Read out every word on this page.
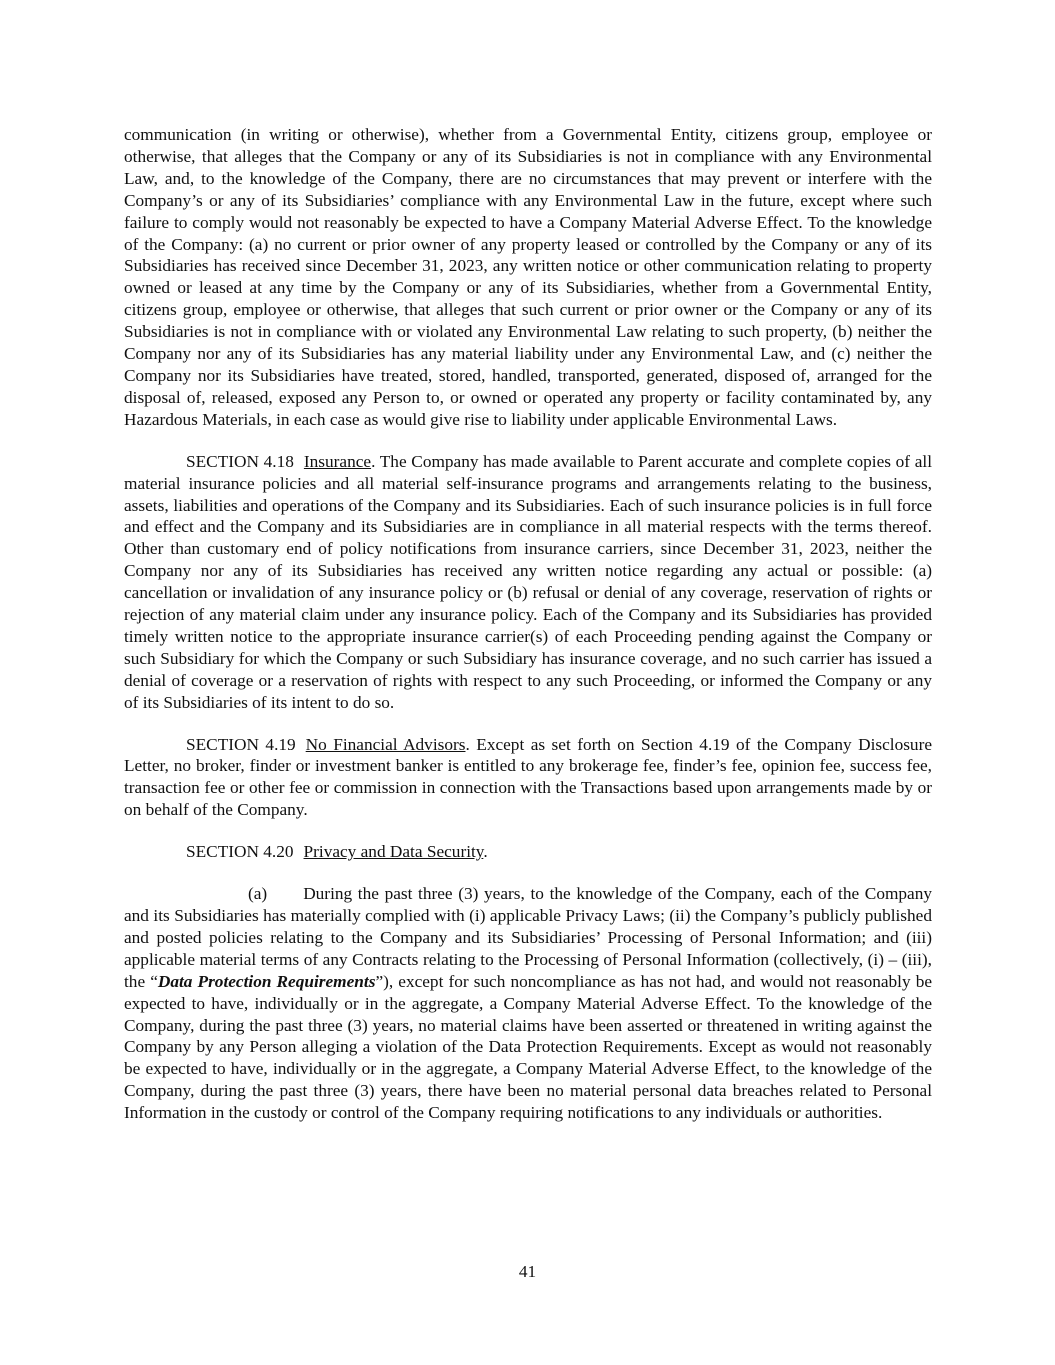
communication (in writing or otherwise), whether from a Governmental Entity, citizens group, employee or otherwise, that alleges that the Company or any of its Subsidiaries is not in compliance with any Environmental Law, and, to the knowledge of the Company, there are no circumstances that may prevent or interfere with the Company’s or any of its Subsidiaries’ compliance with any Environmental Law in the future, except where such failure to comply would not reasonably be expected to have a Company Material Adverse Effect. To the knowledge of the Company: (a) no current or prior owner of any property leased or controlled by the Company or any of its Subsidiaries has received since December 31, 2023, any written notice or other communication relating to property owned or leased at any time by the Company or any of its Subsidiaries, whether from a Governmental Entity, citizens group, employee or otherwise, that alleges that such current or prior owner or the Company or any of its Subsidiaries is not in compliance with or violated any Environmental Law relating to such property, (b) neither the Company nor any of its Subsidiaries has any material liability under any Environmental Law, and (c) neither the Company nor its Subsidiaries have treated, stored, handled, transported, generated, disposed of, arranged for the disposal of, released, exposed any Person to, or owned or operated any property or facility contaminated by, any Hazardous Materials, in each case as would give rise to liability under applicable Environmental Laws.

SECTION 4.18 Insurance. The Company has made available to Parent accurate and complete copies of all material insurance policies and all material self-insurance programs and arrangements relating to the business, assets, liabilities and operations of the Company and its Subsidiaries. Each of such insurance policies is in full force and effect and the Company and its Subsidiaries are in compliance in all material respects with the terms thereof. Other than customary end of policy notifications from insurance carriers, since December 31, 2023, neither the Company nor any of its Subsidiaries has received any written notice regarding any actual or possible: (a) cancellation or invalidation of any insurance policy or (b) refusal or denial of any coverage, reservation of rights or rejection of any material claim under any insurance policy. Each of the Company and its Subsidiaries has provided timely written notice to the appropriate insurance carrier(s) of each Proceeding pending against the Company or such Subsidiary for which the Company or such Subsidiary has insurance coverage, and no such carrier has issued a denial of coverage or a reservation of rights with respect to any such Proceeding, or informed the Company or any of its Subsidiaries of its intent to do so.

SECTION 4.19 No Financial Advisors. Except as set forth on Section 4.19 of the Company Disclosure Letter, no broker, finder or investment banker is entitled to any brokerage fee, finder’s fee, opinion fee, success fee, transaction fee or other fee or commission in connection with the Transactions based upon arrangements made by or on behalf of the Company.

SECTION 4.20 Privacy and Data Security.

(a) During the past three (3) years, to the knowledge of the Company, each of the Company and its Subsidiaries has materially complied with (i) applicable Privacy Laws; (ii) the Company’s publicly published and posted policies relating to the Company and its Subsidiaries’ Processing of Personal Information; and (iii) applicable material terms of any Contracts relating to the Processing of Personal Information (collectively, (i) – (iii), the “Data Protection Requirements”), except for such noncompliance as has not had, and would not reasonably be expected to have, individually or in the aggregate, a Company Material Adverse Effect. To the knowledge of the Company, during the past three (3) years, no material claims have been asserted or threatened in writing against the Company by any Person alleging a violation of the Data Protection Requirements. Except as would not reasonably be expected to have, individually or in the aggregate, a Company Material Adverse Effect, to the knowledge of the Company, during the past three (3) years, there have been no material personal data breaches related to Personal Information in the custody or control of the Company requiring notifications to any individuals or authorities.

41
